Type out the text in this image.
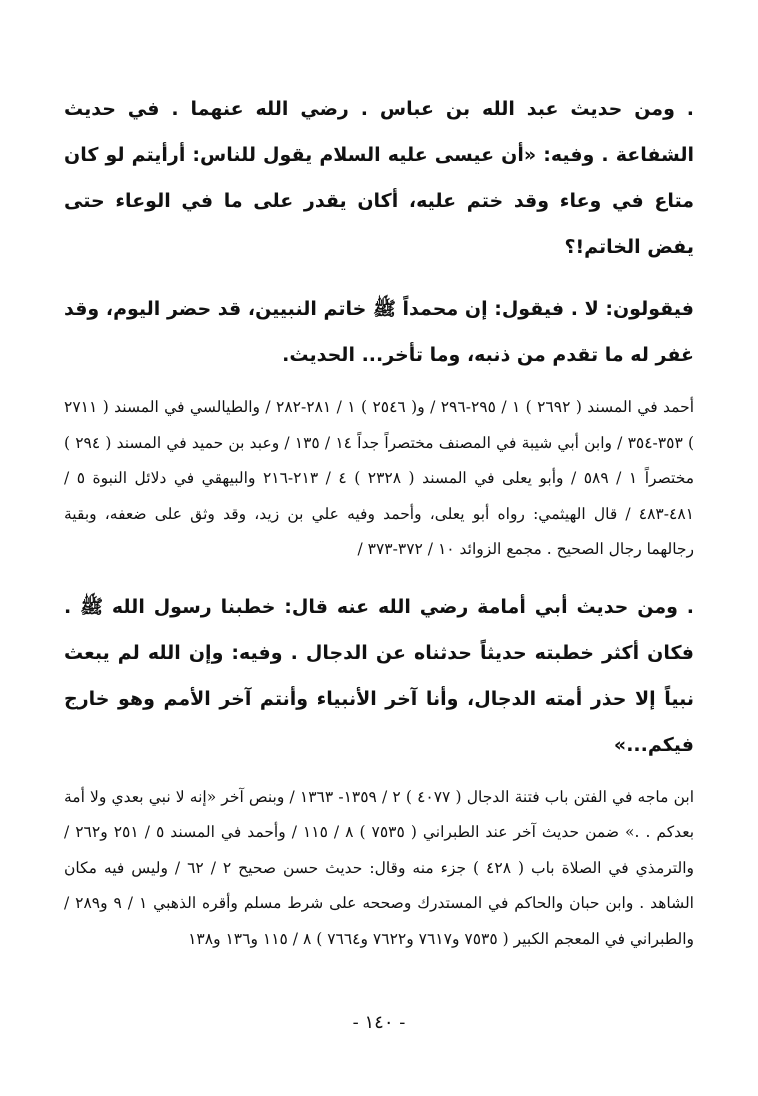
. ومن حديث عبد الله بن عباس . رضي الله عنهما . في حديث الشفاعة . وفيه: «أن عيسى عليه السلام يقول للناس: أرأيتم لو كان متاع في وعاء وقد ختم عليه، أكان يقدر على ما في الوعاء حتى يفض الخاتم!؟

فيقولون: لا . فيقول: إن محمداً ﷺ خاتم النبيين، قد حضر اليوم، وقد غفر له ما تقدم من ذنبه، وما تأخر... الحديث.

أحمد في المسند ( ٢٦٩٢ ) ١ / ٢٩٥-٢٩٦ / و( ٢٥٤٦ ) ١ / ٢٨١-٢٨٢ / والطيالسي في المسند ( ٢٧١١ ) ٣٥٣-٣٥٤ / وابن أبي شيبة في المصنف مختصراً جداً ١٤ / ١٣٥ / وعبد بن حميد في المسند ( ٢٩٤ ) مختصراً ١ / ٥٨٩ / وأبو يعلى في المسند ( ٢٣٢٨ ) ٤ / ٢١٣-٢١٦ والبيهقي في دلائل النبوة ٥ / ٤٨١-٤٨٣ / قال الهيثمي: رواه أبو يعلى، وأحمد وفيه علي بن زيد، وقد وثق على ضعفه، وبقية رجالهما رجال الصحيح . مجمع الزوائد ١٠ / ٣٧٢-٣٧٣ /

. ومن حديث أبي أمامة رضي الله عنه قال: خطبنا رسول الله ﷺ . فكان أكثر خطبته حديثاً حدثناه عن الدجال . وفيه: وإن الله لم يبعث نبياً إلا حذر أمته الدجال، وأنا آخر الأنبياء وأنتم آخر الأمم وهو خارج فيكم...»

ابن ماجه في الفتن باب فتنة الدجال ( ٤٠٧٧ ) ٢ / ١٣٥٩- ١٣٦٣ / وبنص آخر «إنه لا نبي بعدي ولا أمة بعدكم . .» ضمن حديث آخر عند الطبراني ( ٧٥٣٥ ) ٨ / ١١٥ / وأحمد في المسند ٥ / ٢٥١ و٢٦٢ / والترمذي في الصلاة باب ( ٤٢٨ ) جزء منه وقال: حديث حسن صحيح ٢ / ٦٢ / وليس فيه مكان الشاهد . وابن حبان والحاكم في المستدرك وصححه على شرط مسلم وأقره الذهبي ١ / ٩ و٢٨٩ / والطبراني في المعجم الكبير ( ٧٥٣٥ و٧٦١٧ و٧٦٢٢ و٧٦٦٤ ) ٨ / ١١٥ و١٣٦ و١٣٨

- ١٤٠ -
